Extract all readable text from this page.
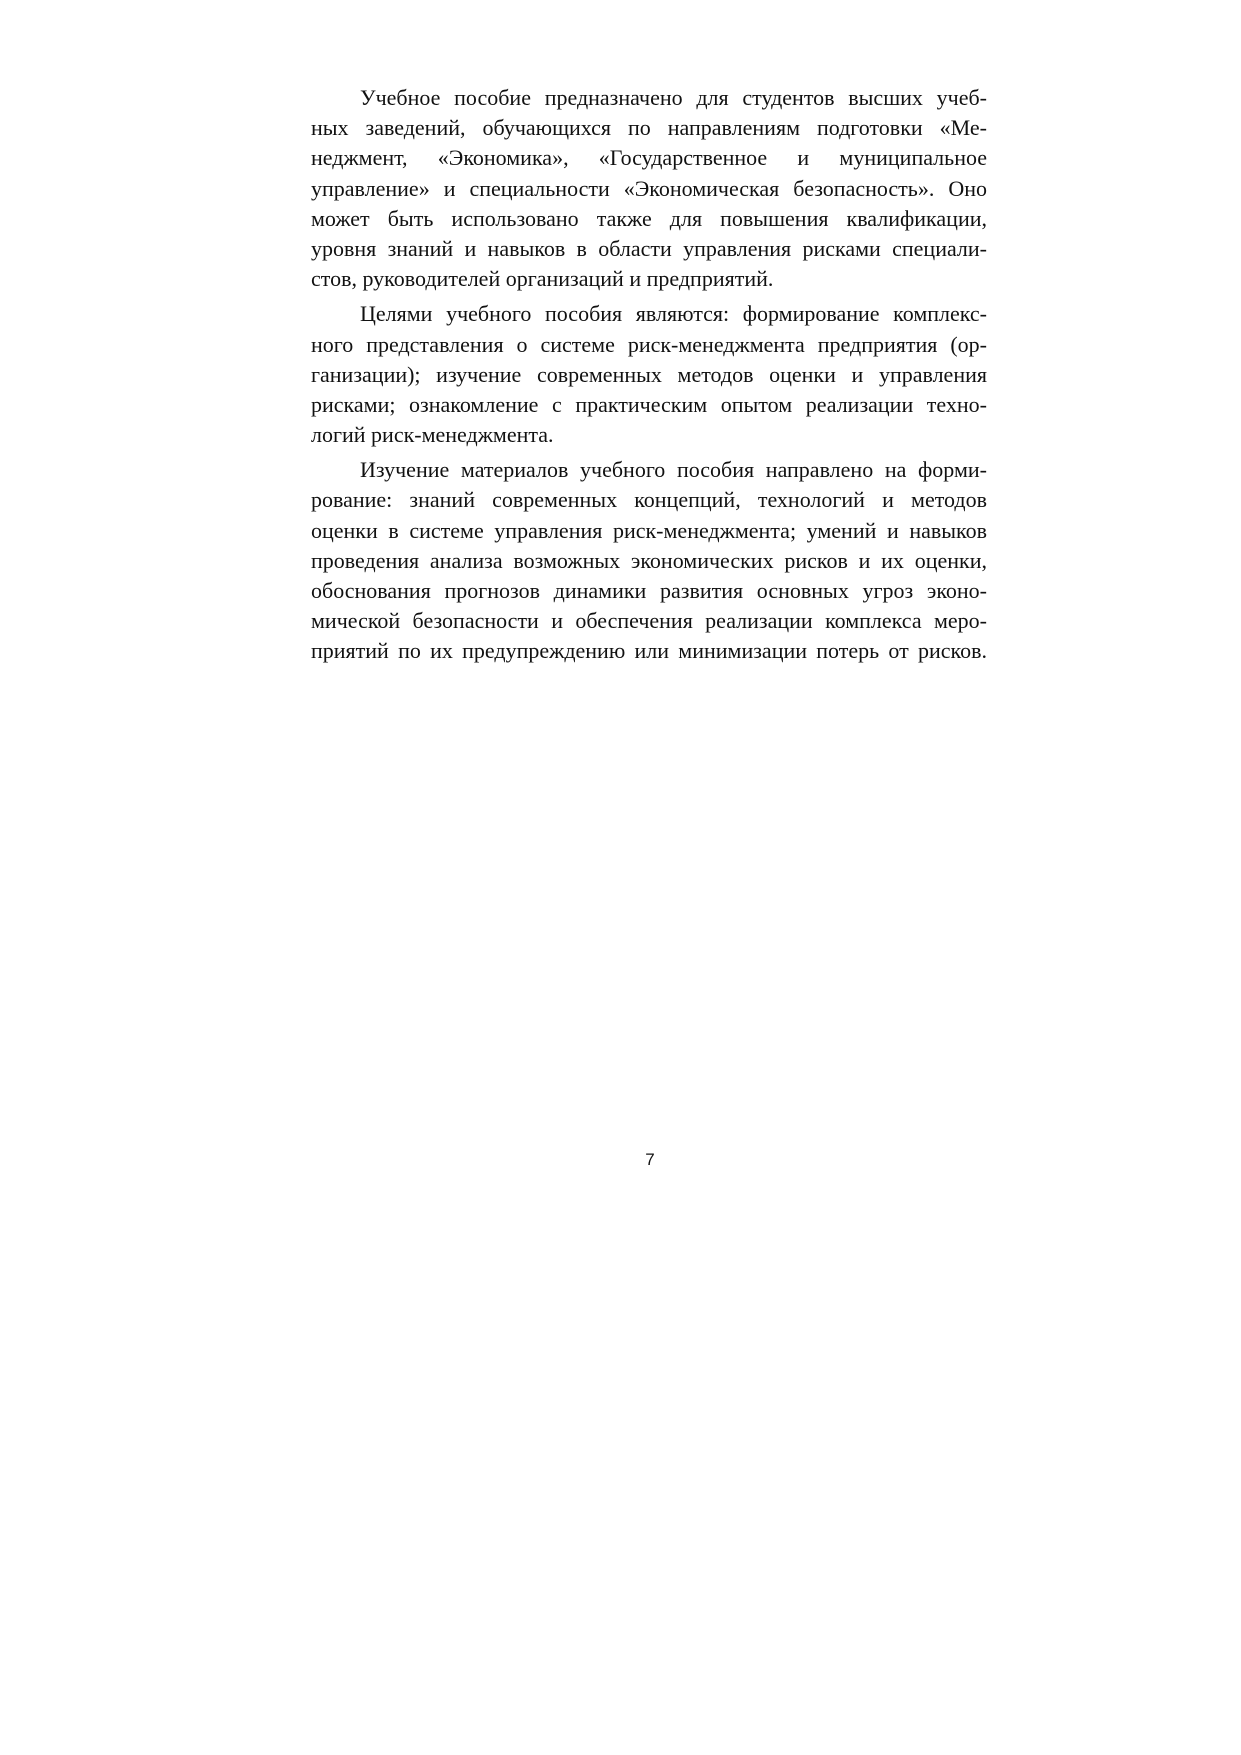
Учебное пособие предназначено для студентов высших учеб-
ных заведений, обучающихся по направлениям подготовки «Ме-
неджмент, «Экономика», «Государственное и муниципальное
управление» и специальности «Экономическая безопасность». Оно
может быть использовано также для повышения квалификации,
уровня знаний и навыков в области управления рисками специали-
стов, руководителей организаций и предприятий.
Целями учебного пособия являются: формирование комплекс-
ного представления о системе риск-менеджмента предприятия (ор-
ганизации); изучение современных методов оценки и управления
рисками; ознакомление с практическим опытом реализации техно-
логий риск-менеджмента.
Изучение материалов учебного пособия направлено на форми-
рование: знаний современных концепций, технологий и методов
оценки в системе управления риск-менеджмента; умений и навыков
проведения анализа возможных экономических рисков и их оценки,
обоснования прогнозов динамики развития основных угроз эконо-
мической безопасности и обеспечения реализации комплекса меро-
приятий по их предупреждению или минимизации потерь от рисков.
7
